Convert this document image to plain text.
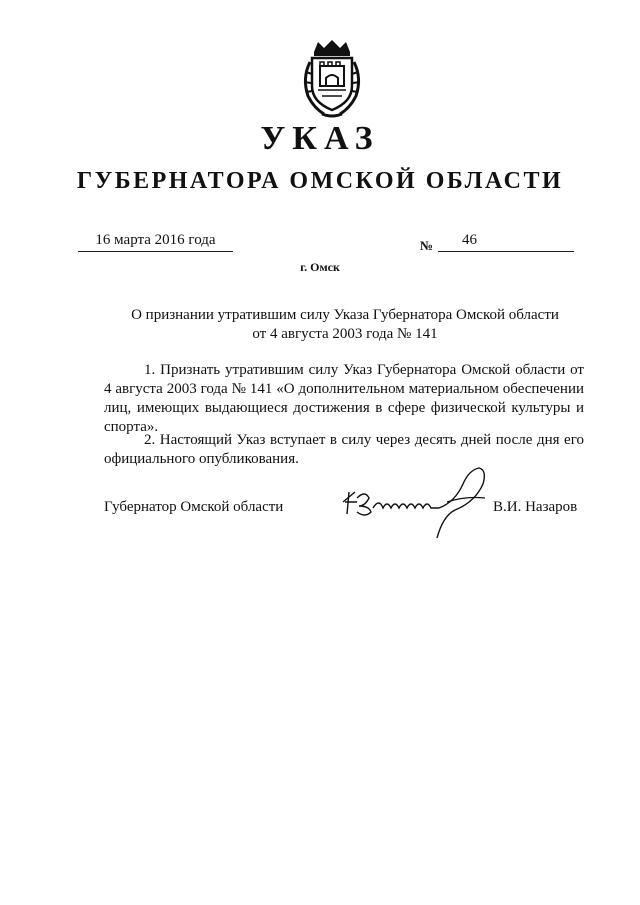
УКАЗ
ГУБЕРНАТОРА ОМСКОЙ ОБЛАСТИ
16 марта 2016 года	№	46
г. Омск
О признании утратившим силу Указа Губернатора Омской области
от 4 августа 2003 года № 141
1. Признать утратившим силу Указ Губернатора Омской области от 4 августа 2003 года № 141 «О дополнительном материальном обеспечении лиц, имеющих выдающиеся достижения в сфере физической культуры и спорта».
2. Настоящий Указ вступает в силу через десять дней после дня его официального опубликования.
Губернатор Омской области	В.И. Назаров
